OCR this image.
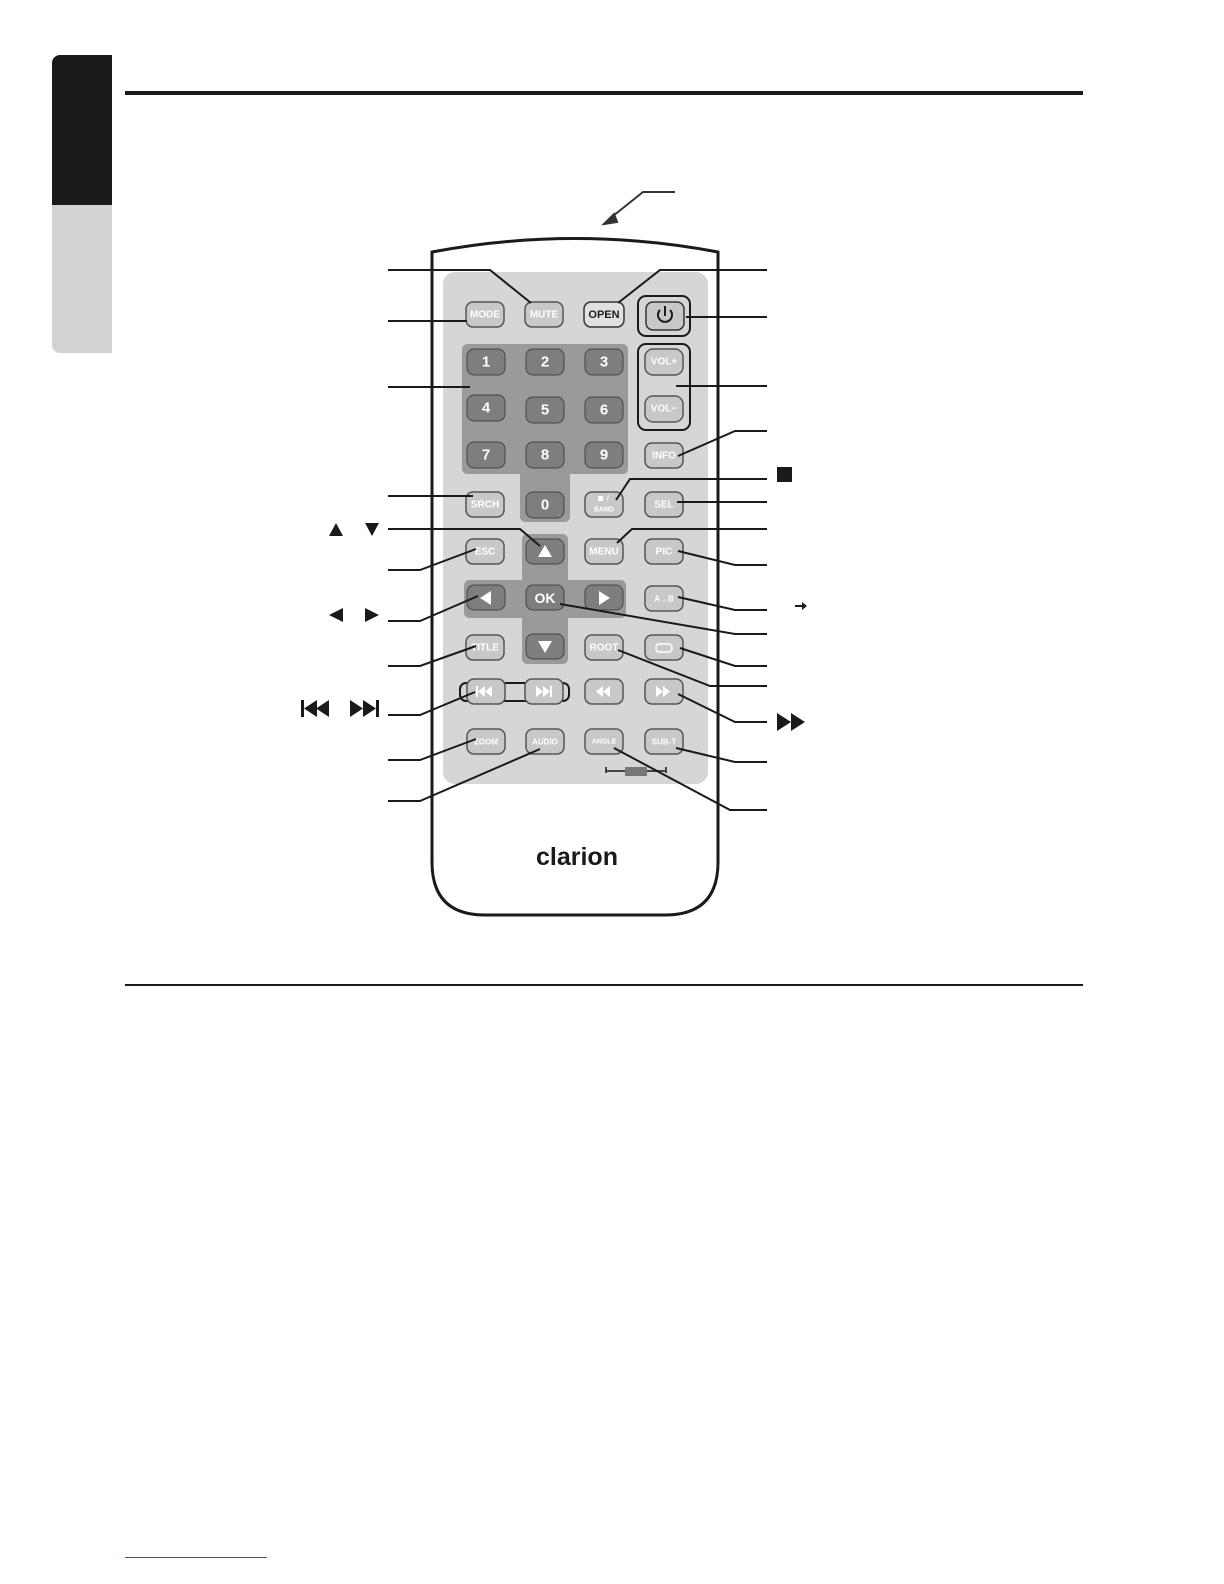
MODE	MUTE	OPEN
1	2	3
4	5	6
7	8	9
0
VOL+
VOL−
INFO
SRCH
/
BAND	SEL
ESC	MENU	PIC
OK	A→B
TITLE	ROOT
ZOOM	AUDIO	ANGLE	SUB-T
clarion
